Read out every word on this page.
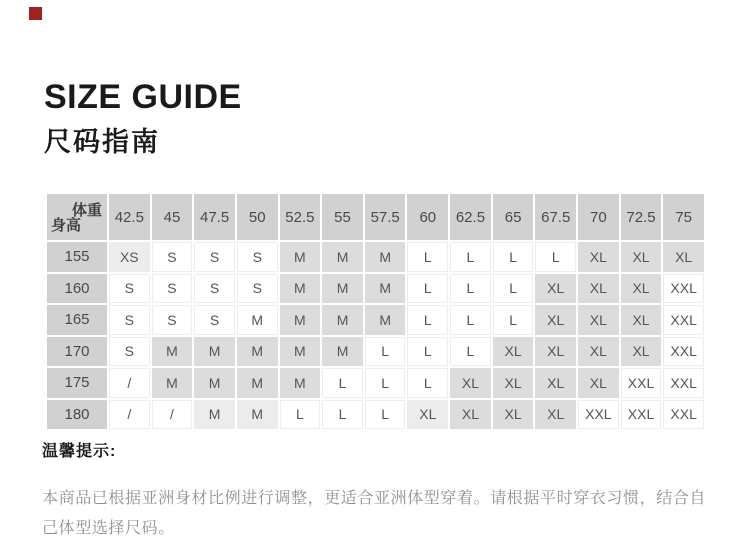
SIZE GUIDE
尺码指南
体重
身高	42.5	45	47.5	50	52.5	55	57.5	60	62.5	65	67.5	70	72.5	75
155	XS	S	S	S	M	M	M	L	L	L	L	XL	XL	XL
160	S	S	S	S	M	M	M	L	L	L	XL	XL	XL	XXL
165	S	S	S	M	M	M	M	L	L	L	XL	XL	XL	XXL
170	S	M	M	M	M	M	L	L	L	XL	XL	XL	XL	XXL
175	/	M	M	M	M	L	L	L	XL	XL	XL	XL	XXL	XXL
180	/	/	M	M	L	L	L	XL	XL	XL	XL	XXL	XXL	XXL

温馨提示:

本商品已根据亚洲身材比例进行调整，更适合亚洲体型穿着。请根据平时穿衣习惯，结合自己体型选择尺码。
